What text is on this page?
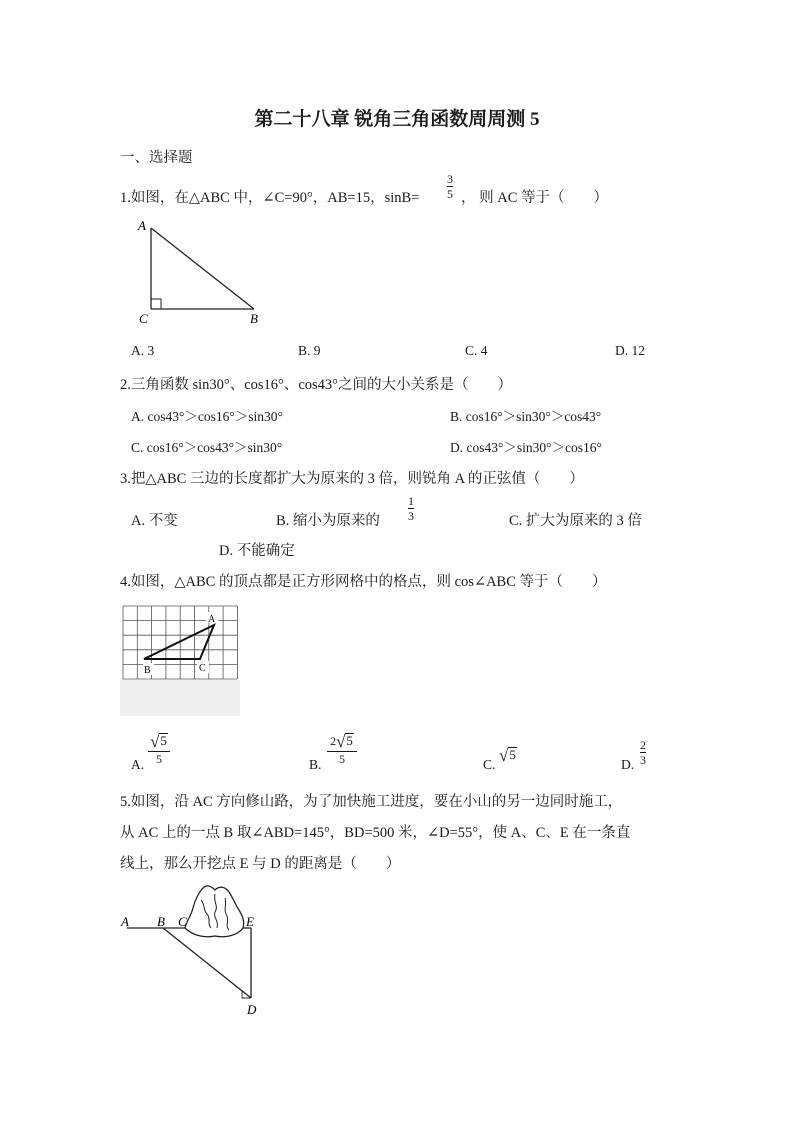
第二十八章 锐角三角函数周周测 5
一、选择题
1.如图，在△ABC 中，∠C=90°，AB=15，sinB=
3
5 ， 则 AC 等于（　　）
A
C	B
A. 3	B. 9	C. 4	D. 12
2.三角函数 sin30°、cos16°、cos43°之间的大小关系是（　　）
A. cos43°＞cos16°＞sin30°	B. cos16°＞sin30°＞cos43°
C. cos16°＞cos43°＞sin30°	D. cos43°＞sin30°＞cos16°
3.把△ABC 三边的长度都扩大为原来的 3 倍，则锐角 A 的正弦值（　　）
A. 不变	B. 缩小为原来的
1
3	C. 扩大为原来的 3 倍
D. 不能确定
4.如图，△ABC 的顶点都是正方形网格中的格点，则 cos∠ABC 等于（　　）
A
B	C
A.
√5
5	B.
2√5
5	C. √5
D.
2
3
5.如图，沿 AC 方向修山路，为了加快施工进度，要在小山的另一边同时施工，
从 AC 上的一点 B 取∠ABD=145°，BD=500 米，∠D=55°，使 A、C、E 在一条直
线上，那么开挖点 E 与 D 的距离是（　　）
A B C	E
D
